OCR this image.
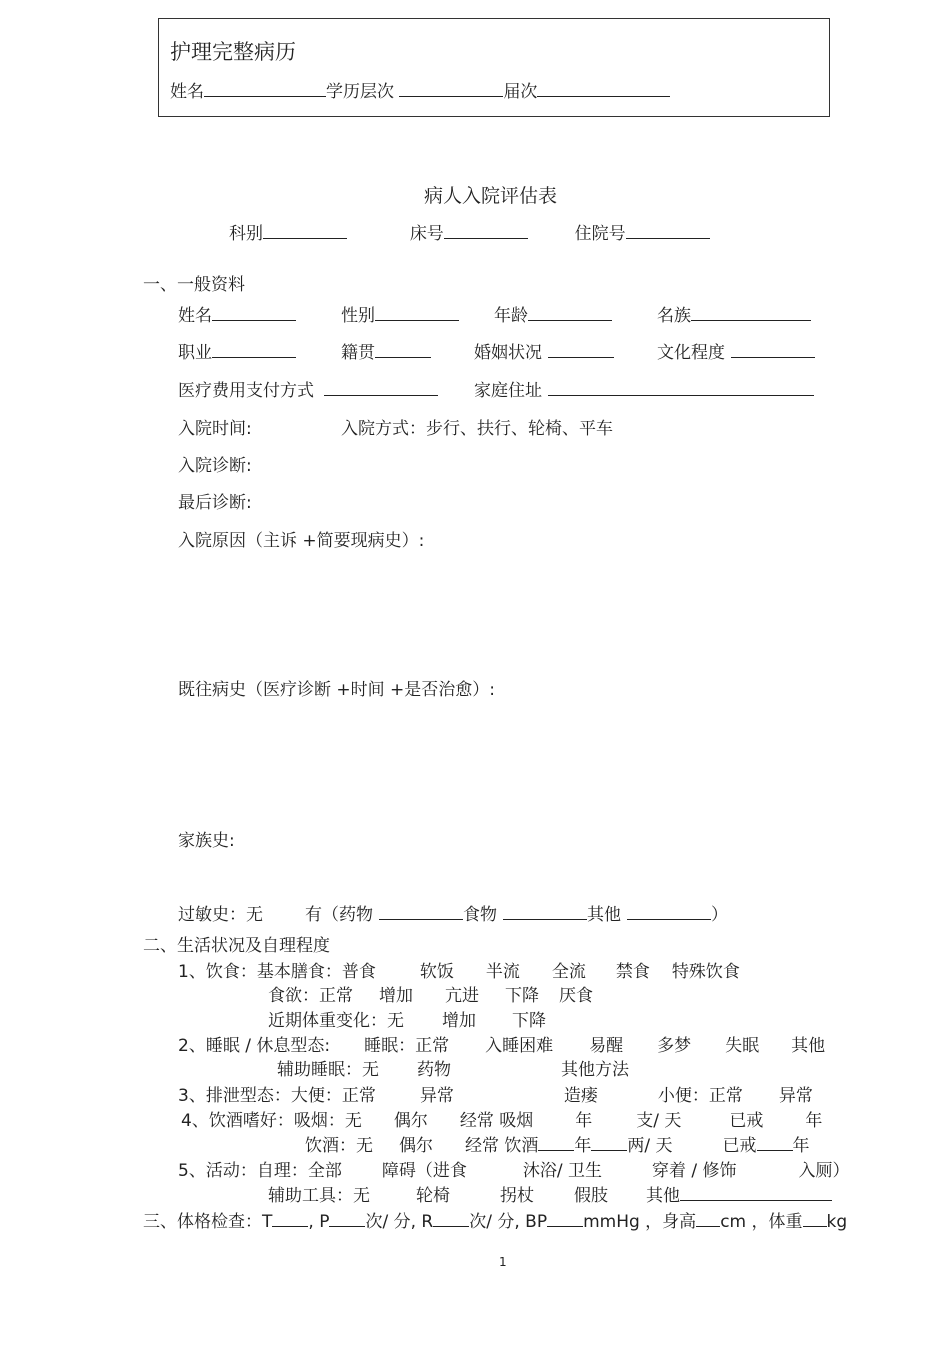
护理完整病历
姓名	学历层次	届次
病人入院评估表
科别	床号	住院号
一、一般资料
姓名	性别	年龄	名族
职业	籍贯	婚姻状况	文化程度
医疗费用支付方式	家庭住址
入院时间:	入院方式：步行、扶行、轮椅、平车
入院诊断:
最后诊断:
入院原因（主诉 +简要现病史）:
既往病史（医疗诊断 +时间 +是否治愈）:
家族史:
过敏史：无 有（药物	食物	其他	）
二、生活状况及自理程度
1、饮食：基本膳食：普食	软饭 半流 全流 禁食 特殊饮食
食欲：正常 增加 亢进 下降 厌食
近期体重变化：无 增加 下降
2、睡眠 / 休息型态: 睡眠：正常 入睡困难 易醒 多梦 失眠 其他
辅助睡眠：无 药物	其他方法
3、排泄型态：大便：正常	异常	造瘘	小便：正常 异常
4、饮酒嗜好：吸烟：无 偶尔 经常 吸烟 年	支/ 天	已戒 年
饮酒：无 偶尔 经常 饮酒 年 两/ 天	已戒 年
5、活动：自理：全部 障碍（进食	沐浴/ 卫生	穿着 / 修饰	入厕）
辅助工具：无	轮椅	拐杖 假肢 其他
三、体格检查：T , P 次/ 分, R 次/ 分, BP mmHg ，身高 cm ，体重 kg
1
